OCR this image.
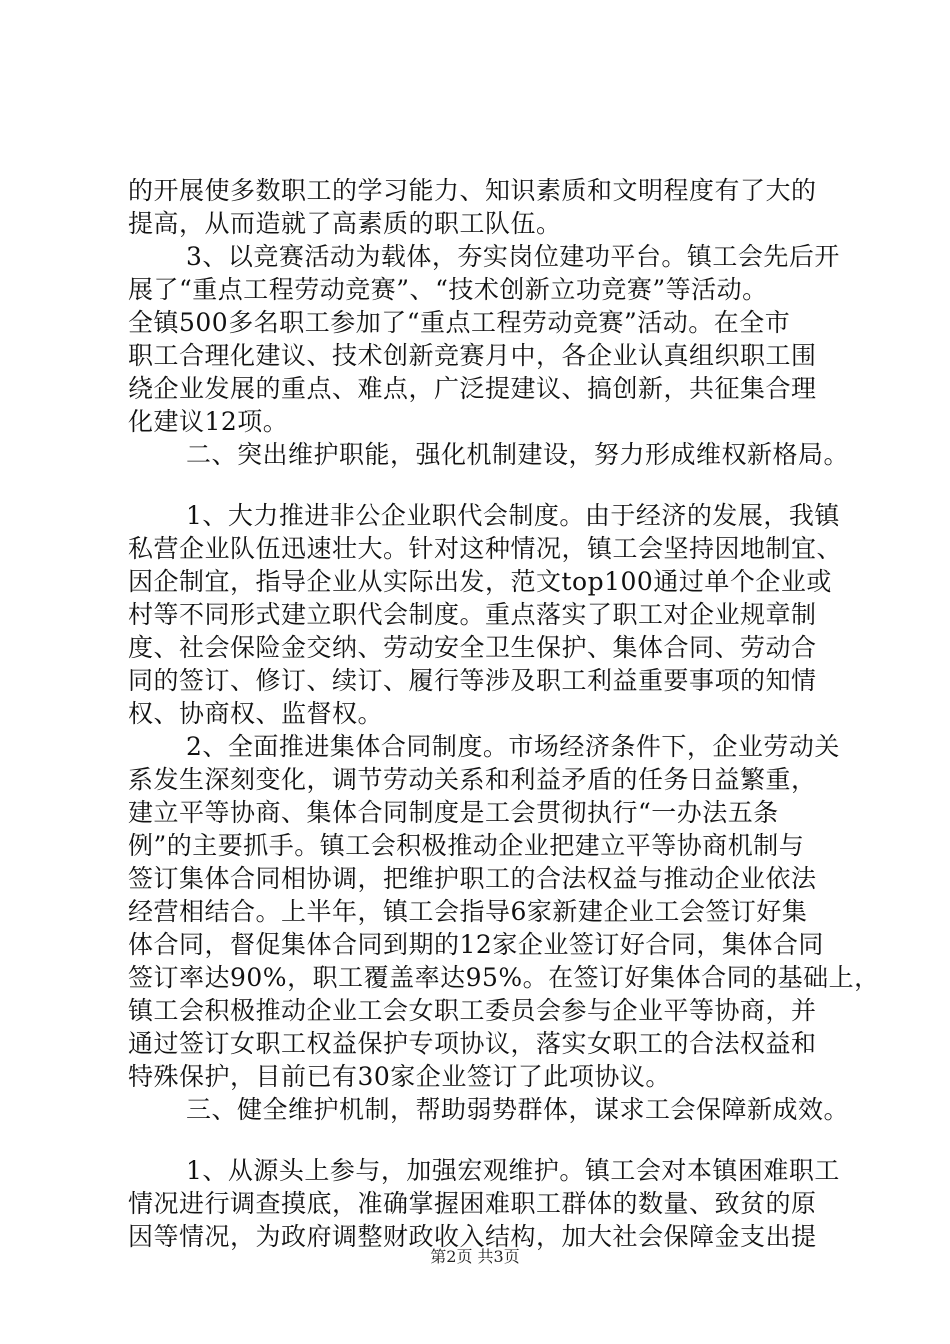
的开展使多数职工的学习能力、知识素质和文明程度有了大的
提高，从而造就了高素质的职工队伍。
3、以竞赛活动为载体，夯实岗位建功平台。镇工会先后开
展了“重点工程劳动竞赛”、“技术创新立功竞赛”等活动。
全镇500多名职工参加了“重点工程劳动竞赛”活动。在全市
职工合理化建议、技术创新竞赛月中，各企业认真组织职工围
绕企业发展的重点、难点，广泛提建议、搞创新，共征集合理
化建议12项。
二、突出维护职能，强化机制建设，努力形成维权新格局。
1、大力推进非公企业职代会制度。由于经济的发展，我镇
私营企业队伍迅速壮大。针对这种情况，镇工会坚持因地制宜、
因企制宜，指导企业从实际出发，范文top100通过单个企业或
村等不同形式建立职代会制度。重点落实了职工对企业规章制
度、社会保险金交纳、劳动安全卫生保护、集体合同、劳动合
同的签订、修订、续订、履行等涉及职工利益重要事项的知情
权、协商权、监督权。
2、全面推进集体合同制度。市场经济条件下，企业劳动关
系发生深刻变化，调节劳动关系和利益矛盾的任务日益繁重，
建立平等协商、集体合同制度是工会贯彻执行“一办法五条
例”的主要抓手。镇工会积极推动企业把建立平等协商机制与
签订集体合同相协调，把维护职工的合法权益与推动企业依法
经营相结合。上半年，镇工会指导6家新建企业工会签订好集
体合同，督促集体合同到期的12家企业签订好合同，集体合同
签订率达90%，职工覆盖率达95%。在签订好集体合同的基础上，
镇工会积极推动企业工会女职工委员会参与企业平等协商，并
通过签订女职工权益保护专项协议，落实女职工的合法权益和
特殊保护，目前已有30家企业签订了此项协议。
三、健全维护机制，帮助弱势群体，谋求工会保障新成效。
1、从源头上参与，加强宏观维护。镇工会对本镇困难职工
情况进行调查摸底，准确掌握困难职工群体的数量、致贫的原
因等情况，为政府调整财政收入结构，加大社会保障金支出提
第2页 共3页
